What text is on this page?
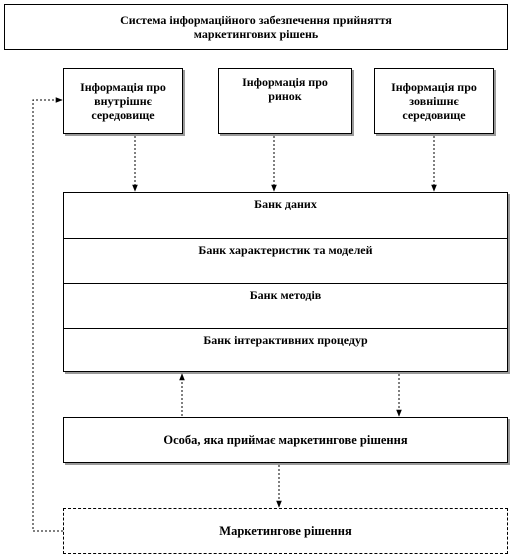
Система інформаційного забезпечення прийняття
маркетингових рішень
Інформація про
внутрішнє
середовище
Інформація про
ринок
Інформація про
зовнішнє
середовище
Банк даних
Банк характеристик та моделей
Банк методів
Банк інтерактивних процедур
Особа, яка приймає маркетингове рішення
Маркетингове рішення
